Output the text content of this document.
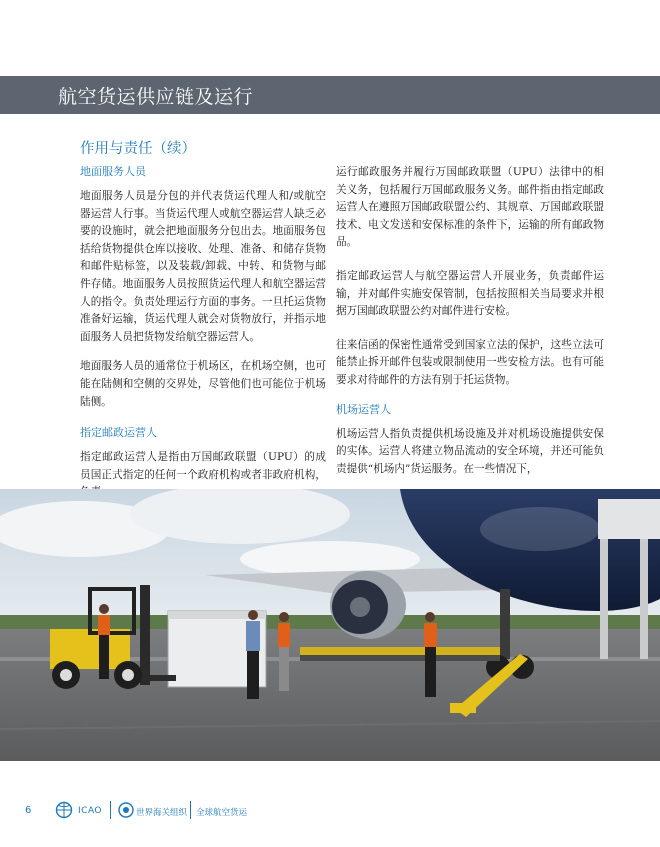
航空货运供应链及运行
作用与责任（续）
地面服务人员

地面服务人员是分包的并代表货运代理人和/或航空器运营人行事。当货运代理人或航空器运营人缺乏必要的设施时，就会把地面服务分包出去。地面服务包括给货物提供仓库以接收、处理、准备、和储存货物和邮件贴标签，以及装载/卸载、中转、和货物与邮件存储。地面服务人员按照货运代理人和航空器运营人的指令。负责处理运行方面的事务。一旦托运货物准备好运输，货运代理人就会对货物放行，并指示地面服务人员把货物发给航空器运营人。

地面服务人员的通常位于机场区，在机场空侧，也可能在陆侧和空侧的交界处，尽管他们也可能位于机场陆侧。

指定邮政运营人

指定邮政运营人是指由万国邮政联盟（UPU）的成员国正式指定的任何一个政府机构或者非政府机构，

运行邮政服务并履行万国邮政联盟（UPU）法律中的相关义务，包括履行万国邮政服务义务。邮件指由指定邮政运营人在遵照万国邮政联盟公约、其规章、万国邮政联盟技术、电文发送和安保标准的条件下，运输的所有邮政物品。

指定邮政运营人与航空器运营人开展业务，负责邮件运输，并对邮件实施安保管制，包括按照相关当局要求并根据万国邮政联盟公约对邮件进行安检。

往来信函的保密性通常受到国家立法的保护，这些立法可能禁止拆开邮件包装或限制使用一些安检方法。也有可能要求对待邮件的方法有别于托运货物。

机场运营人

机场运营人指负责提供机场设施及并对机场设施提供安保的实体。运营人将建立物品流动的安全环境，并还可能负责提供“机场内”货运服务。在一些情况下，

6	ICAO	世界海关组织 全球航空货运
